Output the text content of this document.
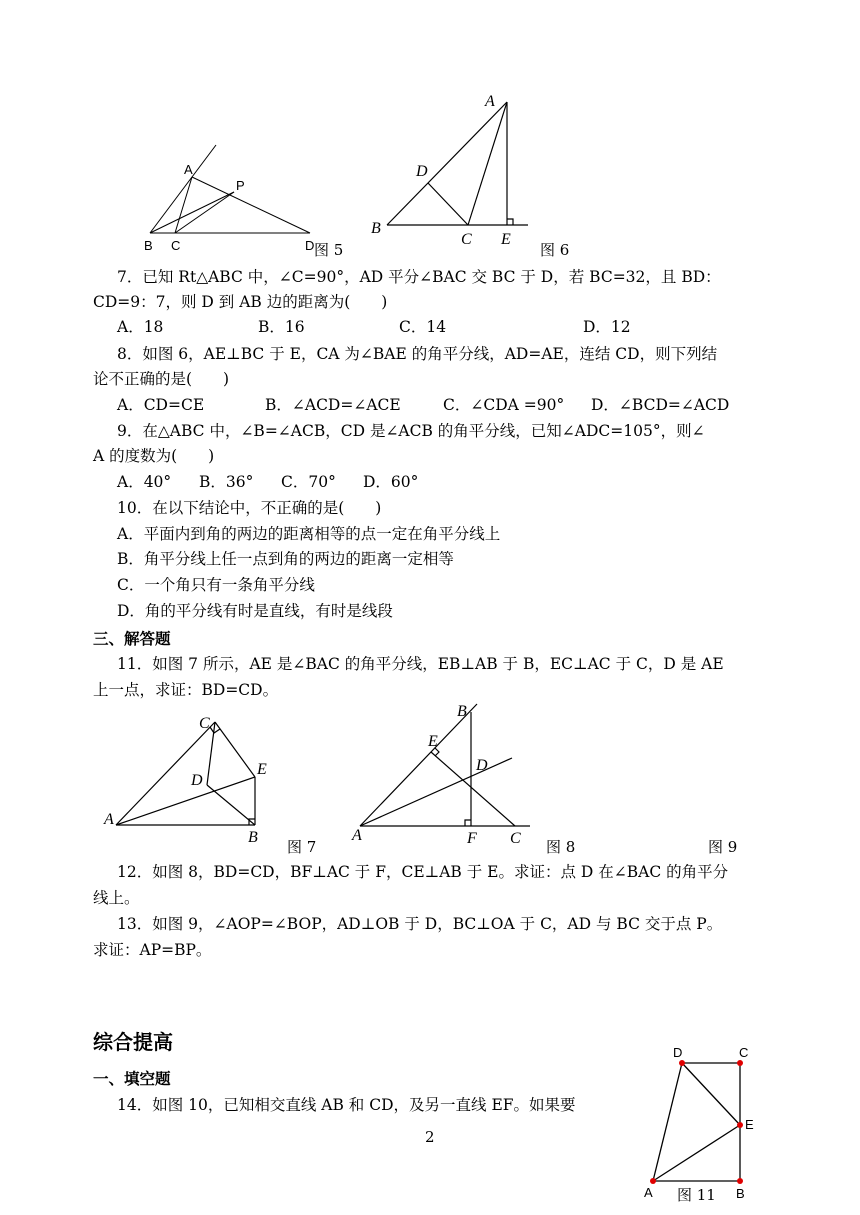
A
P
B C	D 图 5
A
B
C
D
E
图 6
7．已知 Rt△ABC 中，∠C=90°，AD 平分∠BAC 交 BC 于 D，若 BC=32，且 BD：
CD=9：7，则 D 到 AB 边的距离为(　　)
A．18	B．16	C．14	D．12
8．如图 6，AE⊥BC 于 E，CA 为∠BAE 的角平分线，AD=AE，连结 CD，则下列结
论不正确的是(　　)
A．CD=CE	B．∠ACD=∠ACE	C．∠CDA =90° D．∠BCD=∠ACD
9．在△ABC 中，∠B=∠ACB，CD 是∠ACB 的角平分线，已知∠ADC=105°，则∠
A 的度数为(　　)
A．40° B．36° C．70° D．60°
10．在以下结论中，不正确的是(　　)
A．平面内到角的两边的距离相等的点一定在角平分线上
B．角平分线上任一点到角的两边的距离一定相等
C．一个角只有一条角平分线
D．角的平分线有时是直线，有时是线段
三、解答题
11．如图 7 所示，AE 是∠BAC 的角平分线，EB⊥AB 于 B，EC⊥AC 于 C，D 是 AE
上一点，求证：BD=CD。
A
B
C
D
E
图 7
A
B
C
D
E
F	图 8	图 9
12．如图 8，BD=CD，BF⊥AC 于 F，CE⊥AB 于 E。求证：点 D 在∠BAC 的角平分
线上。
13．如图 9，∠AOP=∠BOP，AD⊥OB 于 D，BC⊥OA 于 C，AD 与 BC 交于点 P。
求证：AP=BP。
综合提高
一、填空题
14．如图 10，已知相交直线 AB 和 CD，及另一直线 EF。如果要
D	C
E
A	B
图 11
2
